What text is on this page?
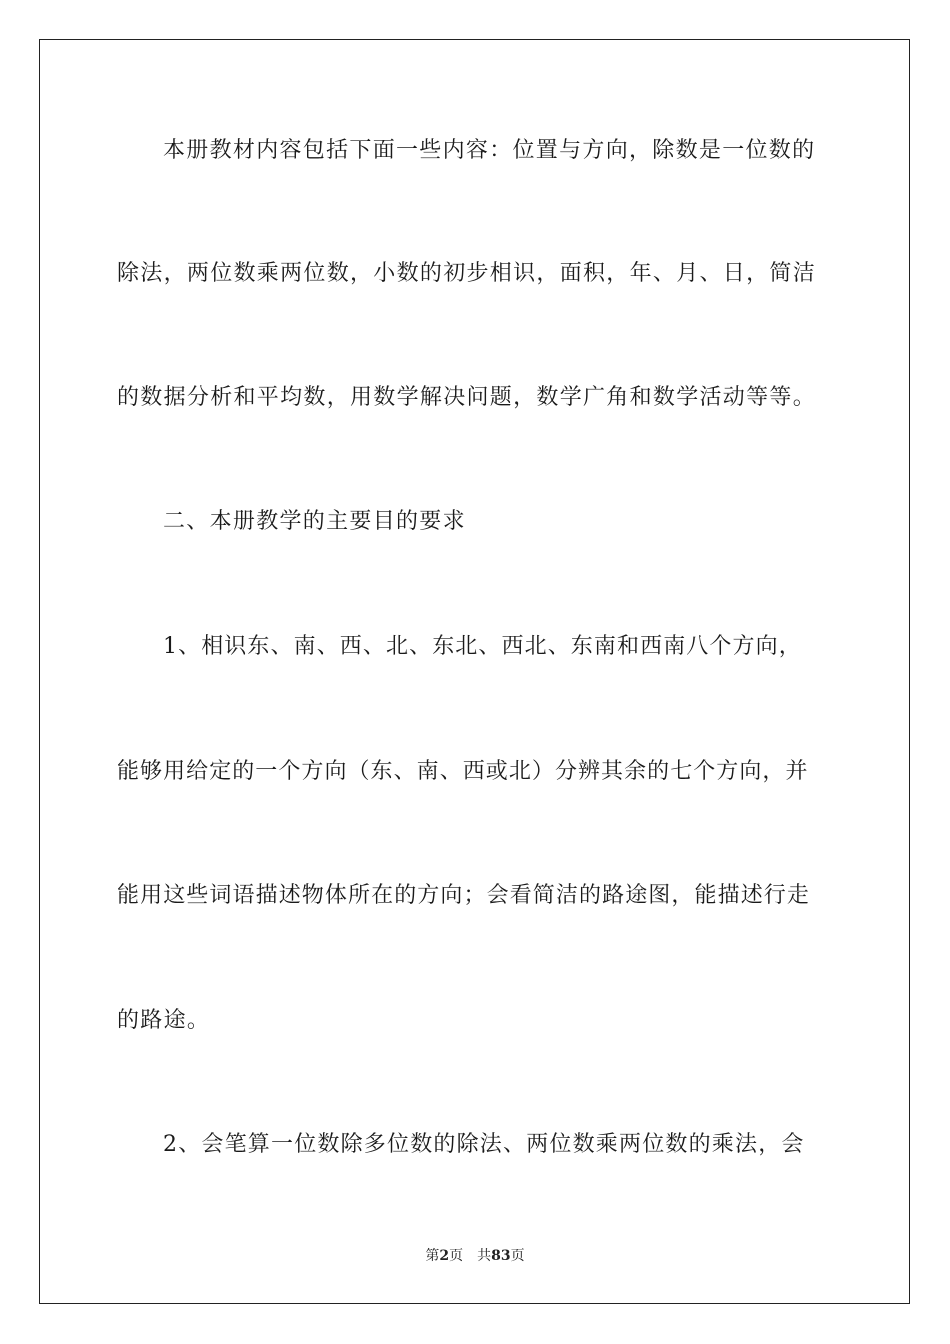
本册教材内容包括下面一些内容：位置与方向，除数是一位数的
除法，两位数乘两位数，小数的初步相识，面积，年、月、日，简洁
的数据分析和平均数，用数学解决问题，数学广角和数学活动等等。
二、本册教学的主要目的要求
1、相识东、南、西、北、东北、西北、东南和西南八个方向，
能够用给定的一个方向（东、南、西或北）分辨其余的七个方向，并
能用这些词语描述物体所在的方向；会看简洁的路途图，能描述行走
的路途。
2、会笔算一位数除多位数的除法、两位数乘两位数的乘法，会
第2页 共83页
